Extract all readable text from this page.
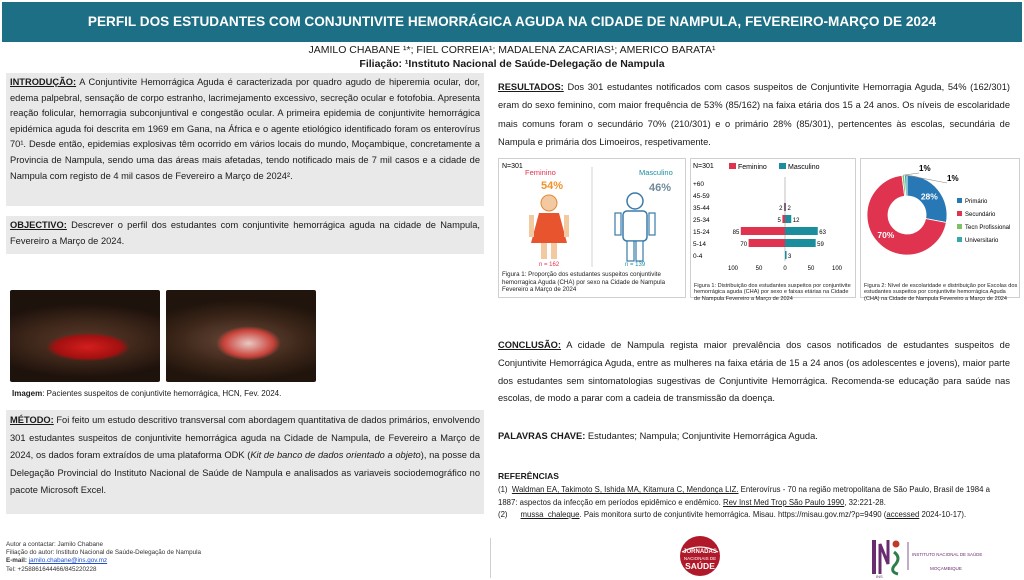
PERFIL DOS ESTUDANTES COM CONJUNTIVITE HEMORRÁGICA AGUDA NA CIDADE DE NAMPULA, FEVEREIRO-MARÇO DE 2024
JAMILO CHABANE ¹*; FIEL CORREIA¹; MADALENA ZACARIAS¹; AMERICO BARATA¹
Filiação: ¹Instituto Nacional de Saúde-Delegação de Nampula
INTRODUÇÃO: A Conjuntivite Hemorrágica Aguda é caracterizada por quadro agudo de hiperemia ocular, dor, edema palpebral, sensação de corpo estranho, lacrimejamento excessivo, secreção ocular e fotofobia. Apresenta reação folicular, hemorragia subconjuntival e congestão ocular. A primeira epidemia de conjuntivite hemorrágica epidémica aguda foi descrita em 1969 em Gana, na África e o agente etiológico identificado foram os enterovírus 70¹. Desde então, epidemias explosivas têm ocorrido em vários locais do mundo, Moçambique, concretamente a Provincia de Nampula, sendo uma das áreas mais afetadas, tendo notificado mais de 7 mil casos e a cidade de Nampula com registo de 4 mil casos de Fevereiro a Março de 2024².
OBJECTIVO: Descrever o perfil dos estudantes com conjuntivite hemorrágica aguda na cidade de Nampula, Fevereiro a Março de 2024.
Imagem: Pacientes suspeitos de conjuntivite hemorrágica, HCN, Fev. 2024.
MÉTODO: Foi feito um estudo descritivo transversal com abordagem quantitativa de dados primários, envolvendo 301 estudantes suspeitos de conjuntivite hemorrágica aguda na Cidade de Nampula, de Fevereiro a Março de 2024, os dados foram extraídos de uma plataforma ODK (Kit de banco de dados orientado a objeto), na posse da Delegação Provincial do Instituto Nacional de Saúde de Nampula e analisados as variaveis sociodemográfico no pacote Microsoft Excel.
RESULTADOS: Dos 301 estudantes notificados com casos suspeitos de Conjuntivite Hemorragia Aguda, 54% (162/301) eram do sexo feminino, com maior frequência de 53% (85/162) na faixa etária dos 15 a 24 anos. Os níveis de escolaridade mais comuns foram o secundário 70% (210/301) e o primário 28% (85/301), pertencentes às escolas, secundária de Nampula e primária dos Limoeiros, respetivamente.
N=301
Feminino	Masculino
54%	46%
n = 162	n = 139
Figura 1: Proporção dos estudantes suspeitos conjuntivite hemorragica Aguda (CHA) por sexo na Cidade de Nampula Fevereiro a Março de 2024
N=301	Feminino	Masculino
0-4	3
5-14	70	59
15-24	85	63
25-34	5 12
35-44	2 2
45-59
+60
100	50	0	50	100
Figura 1: Distribuição dos estudantes suspeitos por conjuntivite hemorrágica aguda (CHA) por sexo e faixas etárias na Cidade de Nampula Fevereiro a Março de 2024
28%
70%
1%
1%
Primário
Secundário
Tecn Profissional
Universitario
Figura 2: Nível de escolaridade e distribuição por Escolas dos estudantes suspeitos por conjuntivite hemorrágica Aguda (CHA) na Cidade de Nampula Fevereiro a Março de 2024
CONCLUSÃO: A cidade de Nampula regista maior prevalência dos casos notificados de estudantes suspeitos de Conjuntivite Hemorrágica Aguda, entre as mulheres na faixa etária de 15 a 24 anos (os adolescentes e jovens), maior parte dos estudantes sem sintomatologias sugestivas de Conjuntivite Hemorrágica. Recomenda-se educação para saúde nas escolas, de modo a parar com a cadeia de transmissão da doença.
PALAVRAS CHAVE: Estudantes; Nampula; Conjuntivite Hemorrágica Aguda.
REFERÊNCIAS
(1) Waldman EA, Takimoto S, Ishida MA, Kitamura C, Mendonça LIZ. Enterovírus - 70 na região metropolitana de São Paulo, Brasil de 1984 a 1887: aspectos da infecção em períodos epidêmico e endêmico. Rev Inst Med Trop São Paulo 1990, 32:221-28.
(2) mussa_chaleque. Pais monitora surto de conjuntivite hemorrágica. Misau. https://misau.gov.mz/?p=9490 (accessed 2024-10-17).
Autor a contactar: Jamilo Chabane
Filiação do autor: Instituto Nacional de Saúde-Delegação de Nampula
E-mail: jamilo.chabane@ins.gov.mz
Tel: +258861644466/845220228
JORNADAS
NACIONAIS DE
SAÚDE
INS
INSTITUTO NACIONAL DE SAÚDE
MOÇAMBIQUE
